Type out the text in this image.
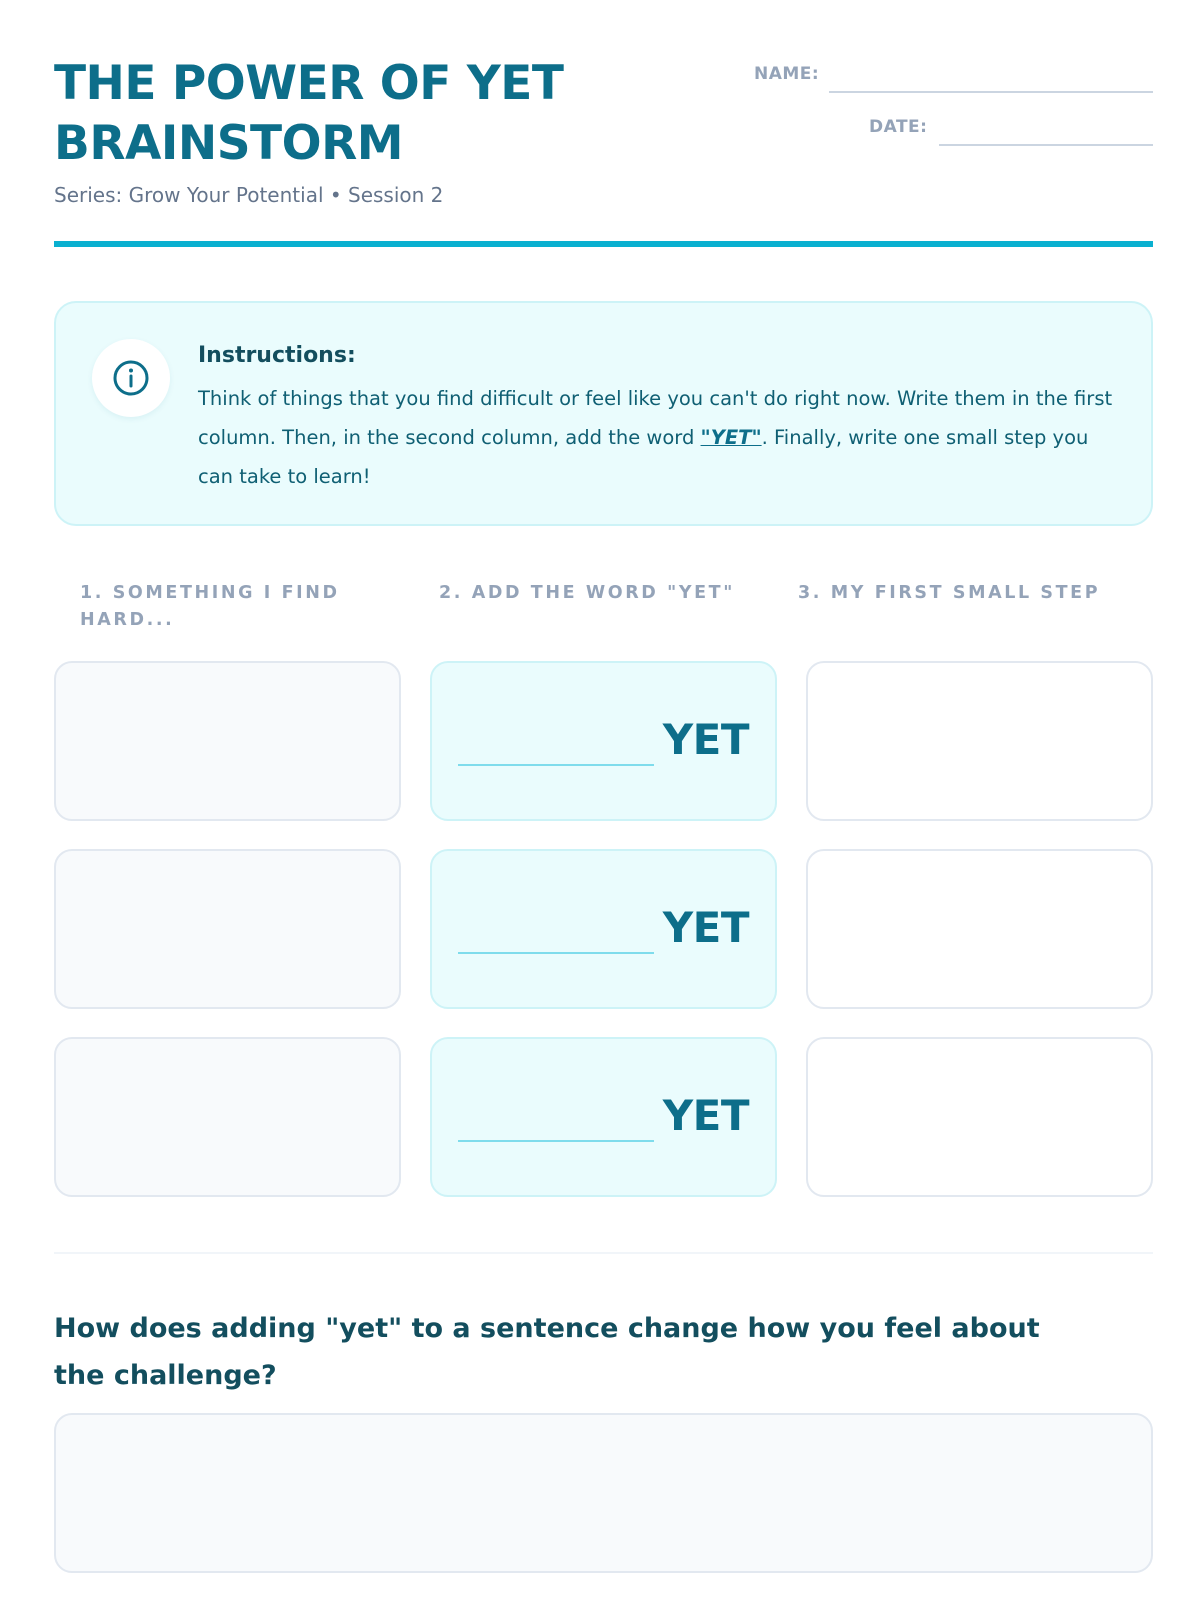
THE POWER OF YET BRAINSTORM
Series: Grow Your Potential • Session 2
NAME:
DATE:
Instructions:
Think of things that you find difficult or feel like you can't do right now. Write them in the first column. Then, in the second column, add the word "YET". Finally, write one small step you can take to learn!
1. SOMETHING I FIND HARD...
2. ADD THE WORD "YET"	3. MY FIRST SMALL STEP
YET
YET
YET
How does adding "yet" to a sentence change how you feel about the challenge?
